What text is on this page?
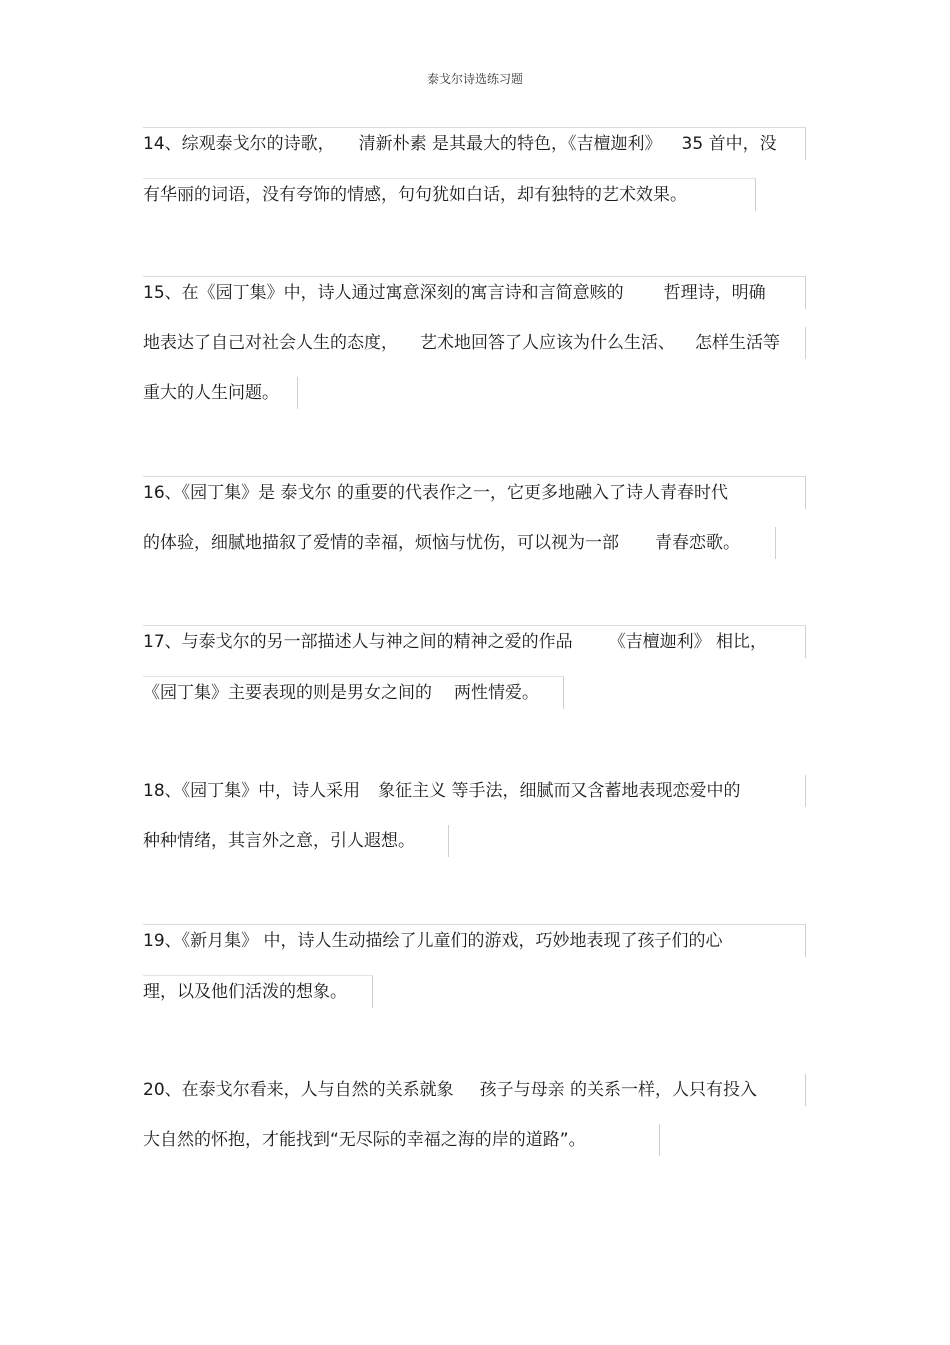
泰戈尔诗选练习题
14、综观泰戈尔的诗歌， 清新朴素 是其最大的特色，《吉檀迦利》 35 首中，没
有华丽的词语，没有夸饰的情感，句句犹如白话，却有独特的艺术效果。
15、在《园丁集》中，诗人通过寓意深刻的寓言诗和言简意赅的 哲理诗，明确
地表达了自己对社会人生的态度， 艺术地回答了人应该为什么生活、 怎样生活等
重大的人生问题。
16、《园丁集》是 泰戈尔 的重要的代表作之一，它更多地融入了诗人青春时代
的体验，细腻地描叙了爱情的幸福，烦恼与忧伤，可以视为一部 青春恋歌。
17、与泰戈尔的另一部描述人与神之间的精神之爱的作品 《吉檀迦利》 相比，
《园丁集》主要表现的则是男女之间的 两性情爱。
18、《园丁集》中，诗人采用 象征主义 等手法，细腻而又含蓄地表现恋爱中的
种种情绪，其言外之意，引人遐想。
19、《新月集》 中，诗人生动描绘了儿童们的游戏，巧妙地表现了孩子们的心
理，以及他们活泼的想象。
20、在泰戈尔看来，人与自然的关系就象 孩子与母亲 的关系一样，人只有投入
大自然的怀抱，才能找到“无尽际的幸福之海的岸的道路”。
